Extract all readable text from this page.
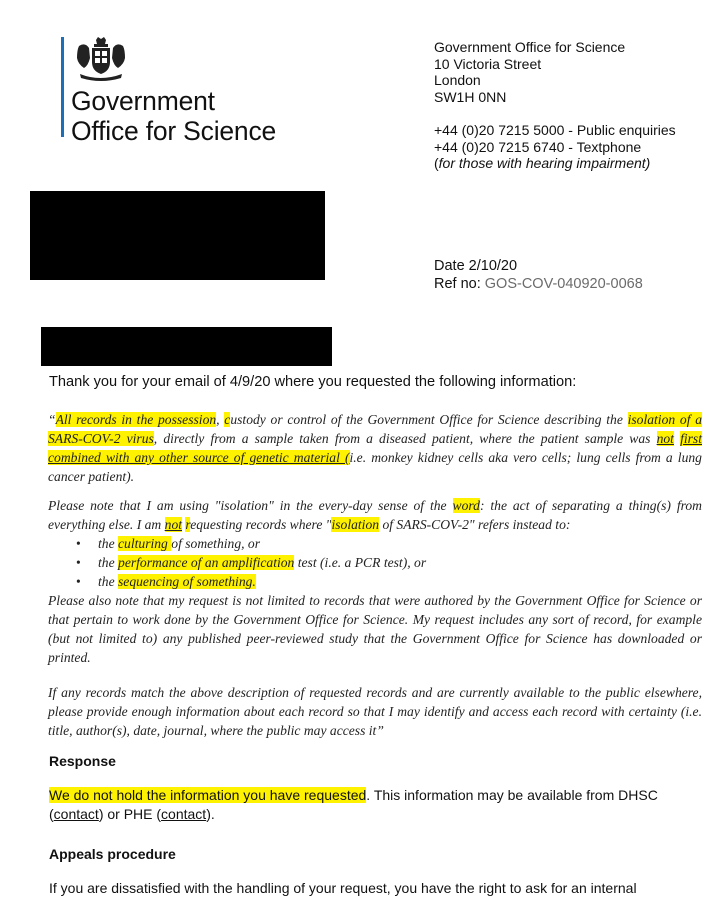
Government
Office for Science
Government Office for Science
10 Victoria Street
London
SW1H 0NN
+44 (0)20 7215 5000 - Public enquiries
+44 (0)20 7215 6740 - Textphone
(for those with hearing impairment)
Date 2/10/20
Ref no: GOS-COV-040920-0068
Thank you for your email of 4/9/20 where you requested the following information:

“All records in the possession, custody or control of the Government Office for Science describing the isolation of a SARS-COV-2 virus, directly from a sample taken from a diseased patient, where the patient sample was not first combined with any other source of genetic material (i.e. monkey kidney cells aka vero cells; lung cells from a lung cancer patient).

Please note that I am using "isolation" in the every-day sense of the word: the act of separating a thing(s) from everything else. I am not requesting records where "isolation of SARS-COV-2" refers instead to:

• the culturing of something, or
• the performance of an amplification test (i.e. a PCR test), or
• the sequencing of something.

Please also note that my request is not limited to records that were authored by the Government Office for Science or that pertain to work done by the Government Office for Science. My request includes any sort of record, for example (but not limited to) any published peer-reviewed study that the Government Office for Science has downloaded or printed.

If any records match the above description of requested records and are currently available to the public elsewhere, please provide enough information about each record so that I may identify and access each record with certainty (i.e. title, author(s), date, journal, where the public may access it”
Response
We do not hold the information you have requested. This information may be available from DHSC (contact) or PHE (contact).
Appeals procedure
If you are dissatisfied with the handling of your request, you have the right to ask for an internal
